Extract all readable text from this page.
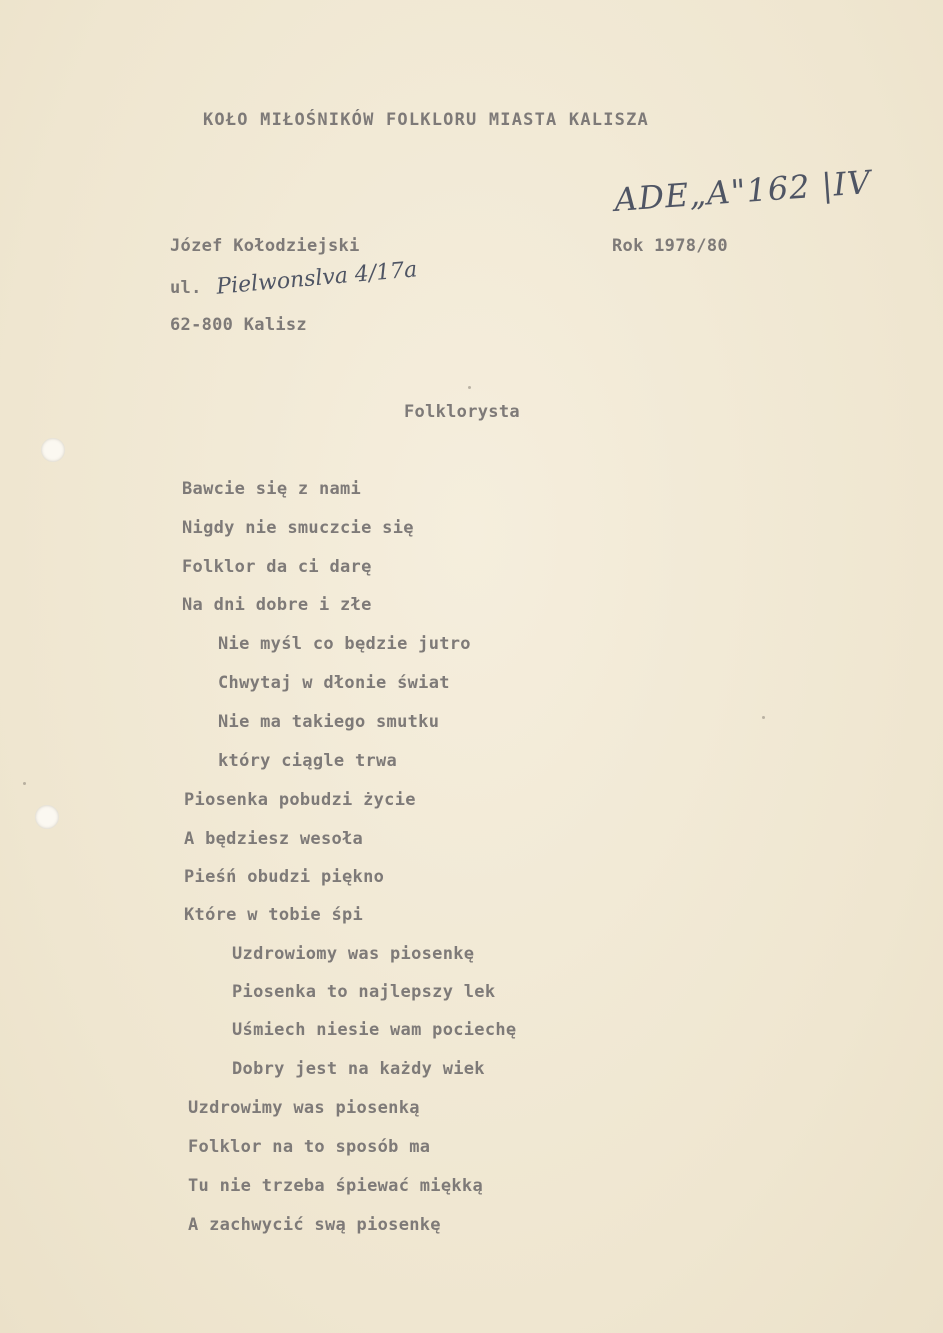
KOŁO MIŁOŚNIKÓW FOLKLORU MIASTA KALISZA
ADE„A"162 |IV
Józef Kołodziejski
ul. Pielwonslva 4/17a
62-800 Kalisz
Rok 1978/80
Folklorysta
Bawcie się z nami
Nigdy nie smuczcie się
Folklor da ci darę
Na dni dobre i złe
Nie myśl co będzie jutro
Chwytaj w dłonie świat
Nie ma takiego smutku
który ciągle trwa
Piosenka pobudzi życie
A będziesz wesoła
Pieśń obudzi piękno
Które w tobie śpi
Uzdrowiomy was piosenkę
Piosenka to najlepszy lek
Uśmiech niesie wam pociechę
Dobry jest na każdy wiek
Uzdrowimy was piosenką
Folklor na to sposób ma
Tu nie trzeba śpiewać miękką
A zachwycić swą piosenkę
